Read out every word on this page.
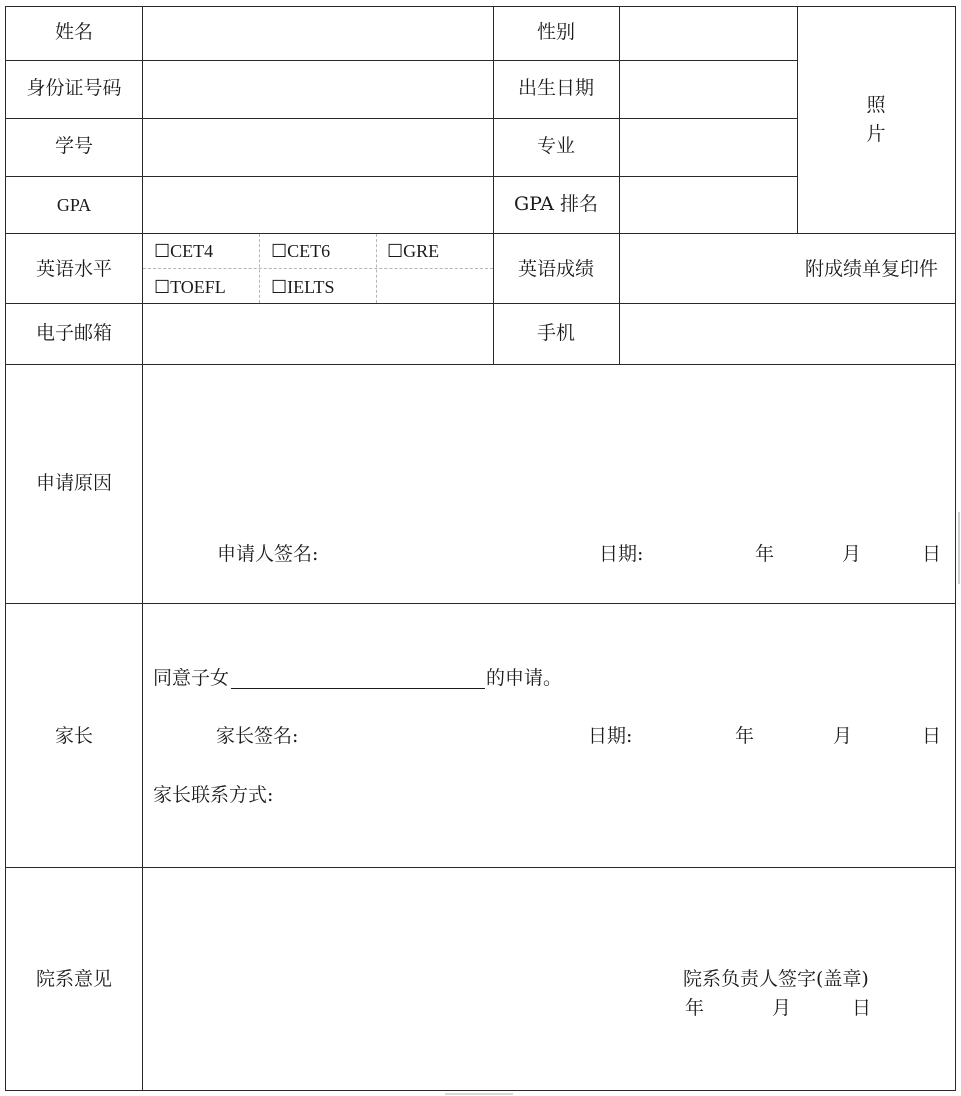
姓名	性别
身份证号码	出生日期
学号	专业
GPA	GPA 排名
照
片
英语水平
☐CET4	☐CET6	☐GRE
☐TOEFL	☐IELTS
英语成绩	附成绩单复印件
电子邮箱	手机
申请原因
申请人签名:	日期:	年	月	日
家长
同意子女	的申请。
家长签名:	日期:	年	月	日
家长联系方式:
院系意见	院系负责人签字(盖章)
年	月	日
